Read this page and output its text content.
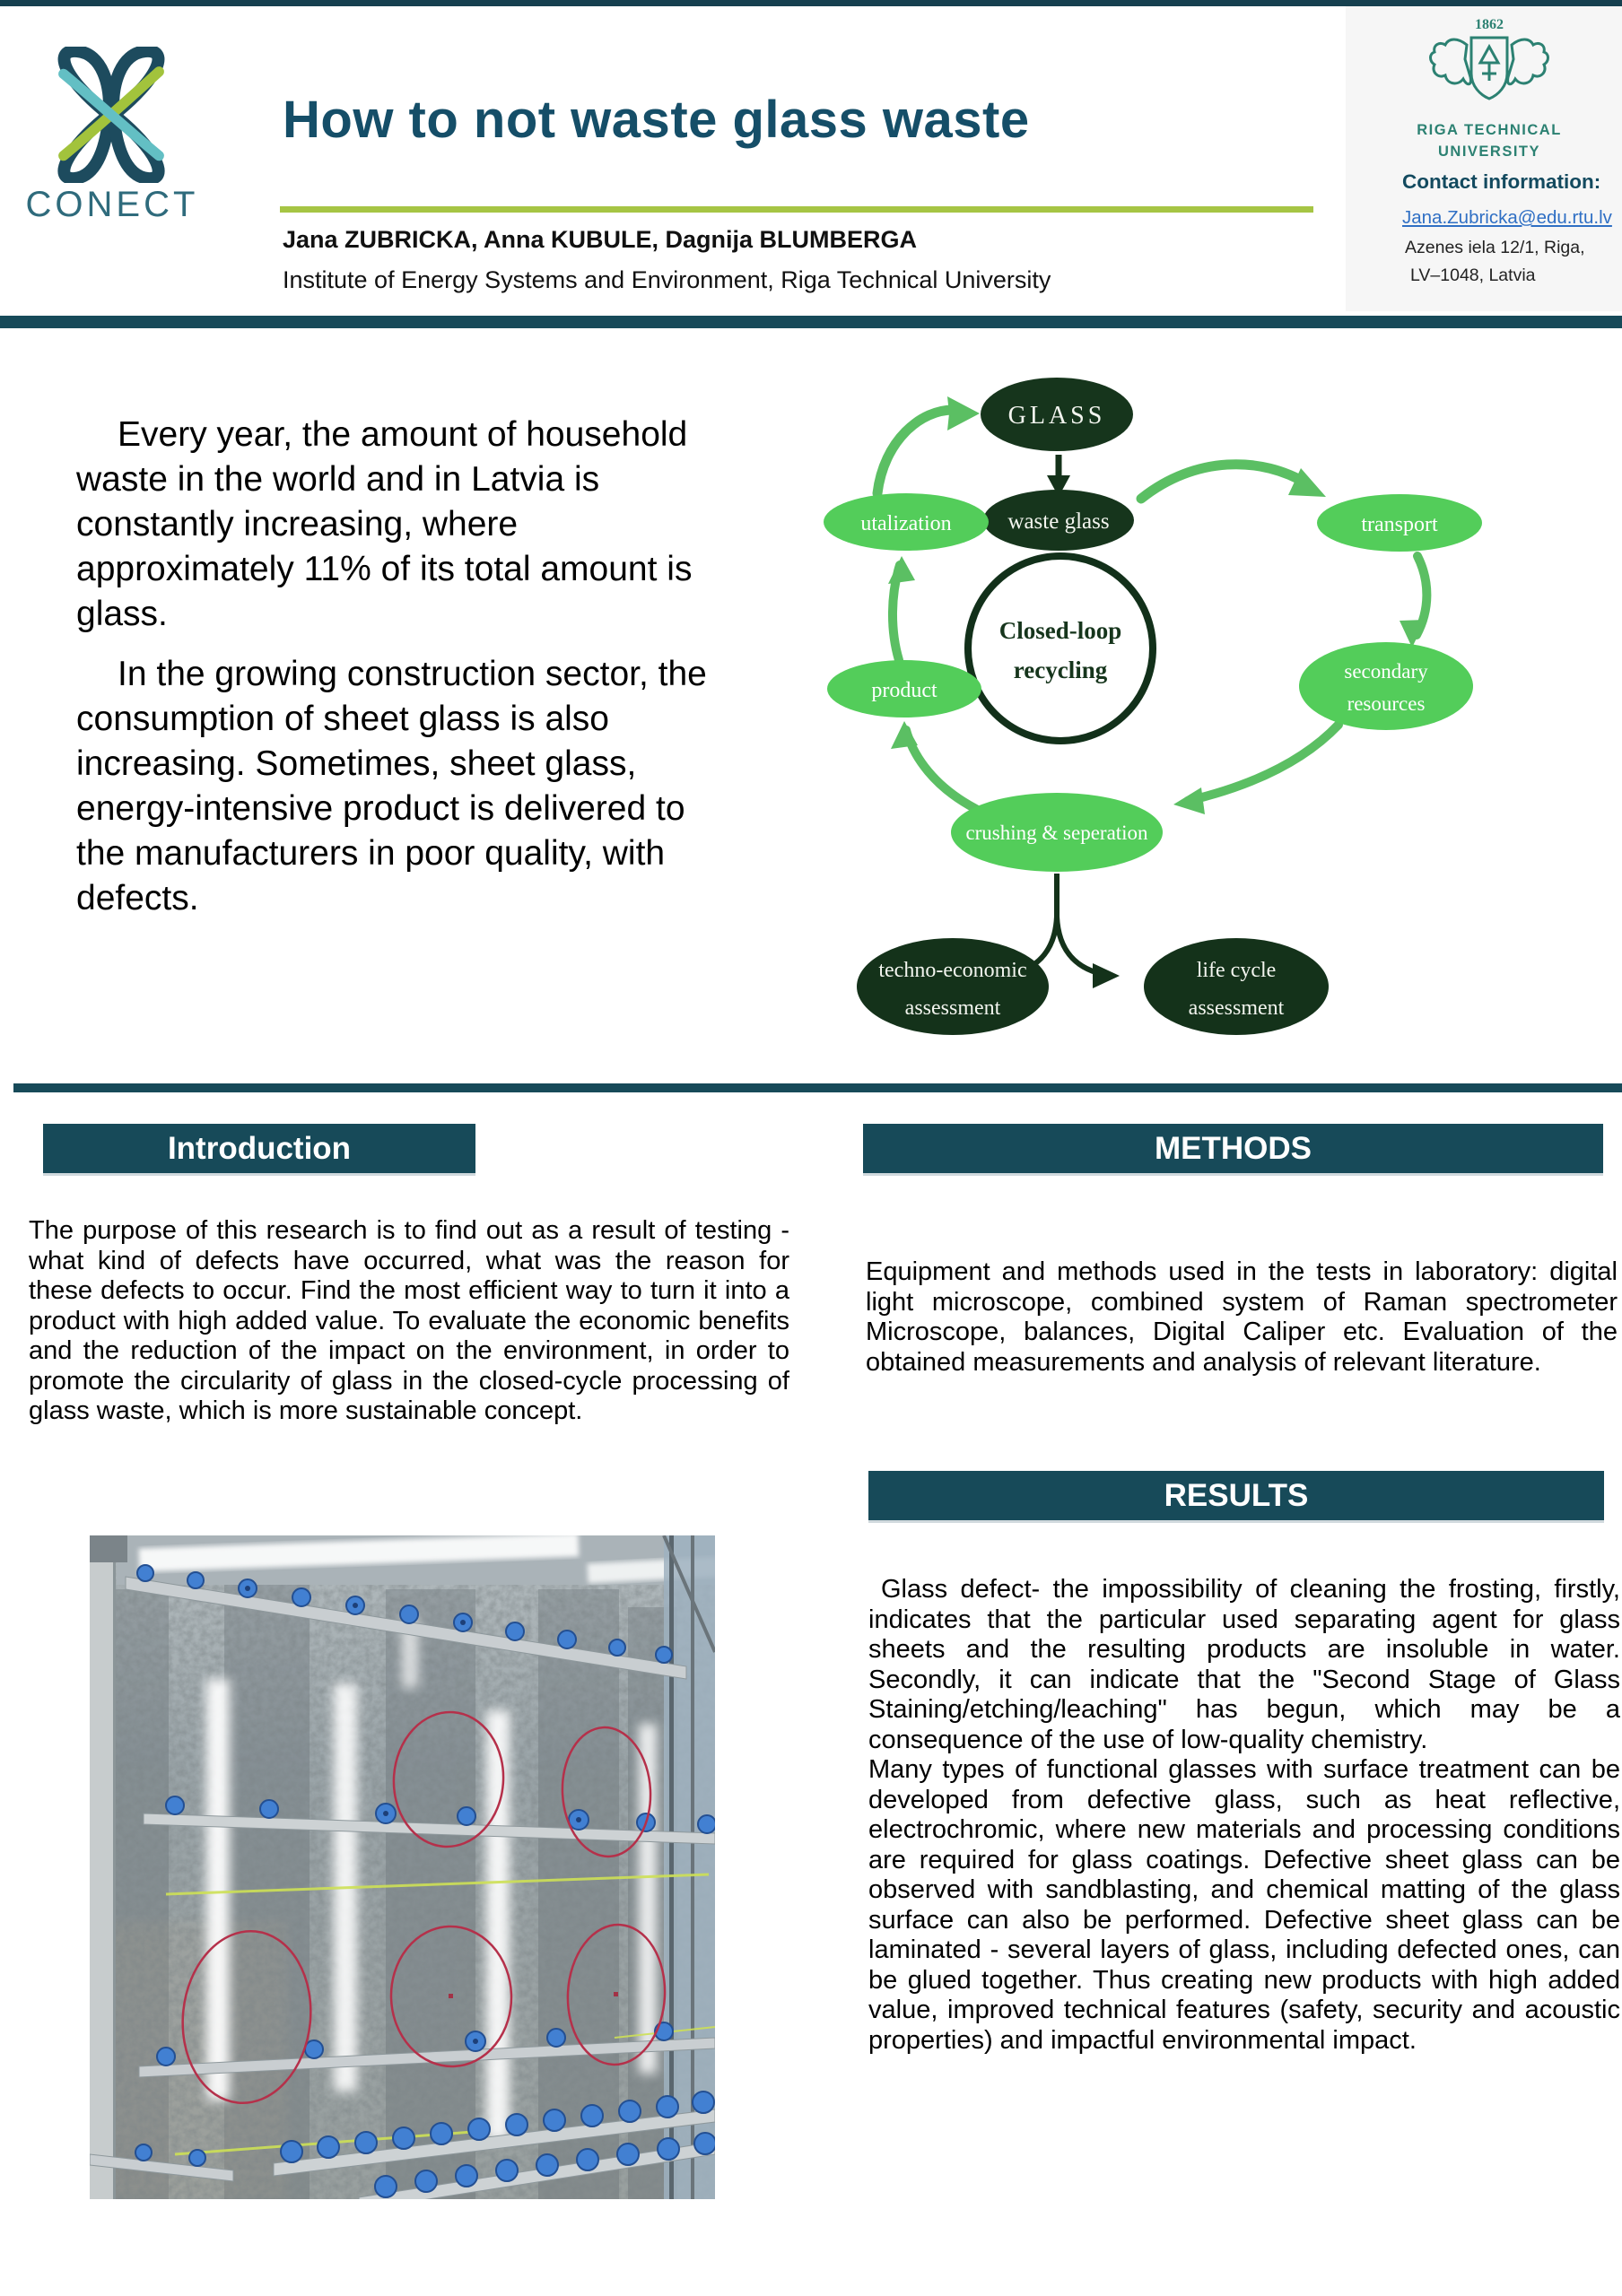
CONECT
How to not waste glass waste
Jana ZUBRICKA, Anna KUBULE, Dagnija BLUMBERGA
Institute of Energy Systems and Environment, Riga Technical University
1862
RIGA TECHNICAL
UNIVERSITY
Contact information:
Jana.Zubricka@edu.rtu.lv
Azenes iela 12/1, Riga,
LV–1048, Latvia
Every year, the amount of household waste in the world and in Latvia is constantly increasing, where approximately 11% of its total amount is glass.
In the growing construction sector, the consumption of sheet glass is also increasing. Sometimes, sheet glass, energy-intensive product is delivered to the manufacturers in poor quality, with defects.
Closed-loop
recycling
GLASS
waste glass
utalization	transport
product
secondary
resources
crushing & seperation
techno-economic
assessment
life cycle
assessment
Introduction
The purpose of this research is to find out as a result of testing - what kind of defects have occurred, what was the reason for these defects to occur. Find the most efficient way to turn it into a product with high added value. To evaluate the economic benefits and the reduction of the impact on the environment, in order to promote the circularity of glass in the closed-cycle processing of glass waste, which is more sustainable concept.
METHODS
Equipment and methods used in the tests in laboratory: digital light microscope, combined system of Raman spectrometer Microscope, balances, Digital Caliper etc. Evaluation of the obtained measurements and analysis of relevant literature.
RESULTS

Glass defect- the impossibility of cleaning the frosting, firstly, indicates that the particular used separating agent for glass sheets and the resulting products are insoluble in water. Secondly, it can indicate that the "Second Stage of Glass Staining/etching/leaching" has begun, which may be a consequence of the use of low-quality chemistry.

Many types of functional glasses with surface treatment can be developed from defective glass, such as heat reflective, electrochromic, where new materials and processing conditions are required for glass coatings. Defective sheet glass can be observed with sandblasting, and chemical matting of the glass surface can also be performed. Defective sheet glass can be laminated - several layers of glass, including defected ones, can be glued together. Thus creating new products with high added value, improved technical features (safety, security and acoustic properties) and impactful environmental impact.
